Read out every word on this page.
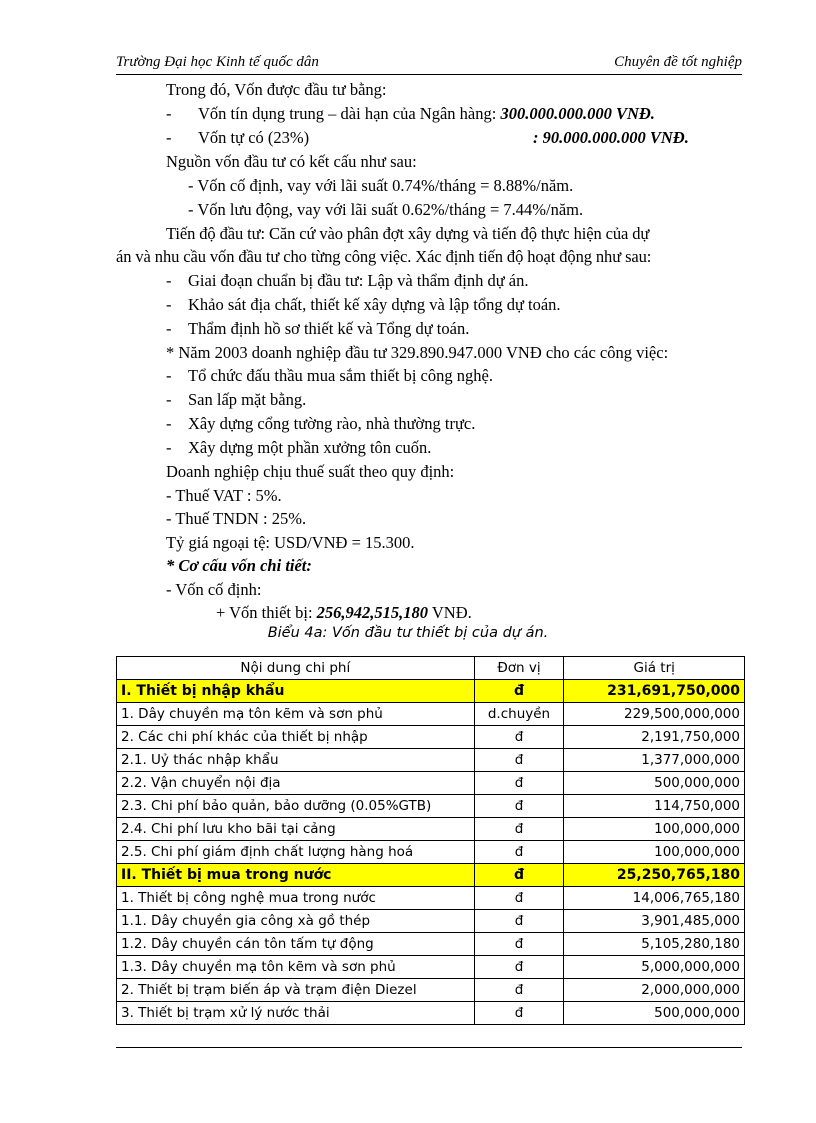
Trường Đại học Kinh tế quốc dân	Chuyên đề tốt nghiệp
Trong đó, Vốn được đầu tư bằng:
- Vốn tín dụng trung – dài hạn của Ngân hàng: 300.000.000.000 VNĐ.
- Vốn tự có (23%)	: 90.000.000.000 VNĐ.
Nguồn vốn đầu tư có kết cấu như sau:
- Vốn cố định, vay với lãi suất 0.74%/tháng = 8.88%/năm.
- Vốn lưu động, vay với lãi suất 0.62%/tháng = 7.44%/năm.
Tiến độ đầu tư: Căn cứ vào phân đợt xây dựng và tiến độ thực hiện của dự
án và nhu cầu vốn đầu tư cho từng công việc. Xác định tiến độ hoạt động như sau:
- Giai đoạn chuẩn bị đầu tư: Lập và thẩm định dự án.
- Khảo sát địa chất, thiết kế xây dựng và lập tổng dự toán.
- Thẩm định hồ sơ thiết kế và Tổng dự toán.
* Năm 2003 doanh nghiệp đầu tư 329.890.947.000 VNĐ cho các công việc:
- Tổ chức đấu thầu mua sắm thiết bị công nghệ.
- San lấp mặt bằng.
- Xây dựng cổng tường rào, nhà thường trực.
- Xây dựng một phần xưởng tôn cuốn.
Doanh nghiệp chịu thuế suất theo quy định:
- Thuế VAT : 5%.
- Thuế TNDN : 25%.
Tỷ giá ngoại tệ: USD/VNĐ = 15.300.
* Cơ cấu vốn chi tiết:
- Vốn cố định:
+ Vốn thiết bị: 256,942,515,180 VNĐ.
Biểu 4a: Vốn đầu tư thiết bị của dự án.
Nội dung chi phí	Đơn vị	Giá trị
I. Thiết bị nhập khẩu	đ	231,691,750,000
1. Dây chuyền mạ tôn kẽm và sơn phủ	d.chuyền	229,500,000,000
2. Các chi phí khác của thiết bị nhập	đ	2,191,750,000
2.1. Uỷ thác nhập khẩu	đ	1,377,000,000
2.2. Vận chuyển nội địa	đ	500,000,000
2.3. Chi phí bảo quản, bảo dưỡng (0.05%GTB)	đ	114,750,000
2.4. Chi phí lưu kho bãi tại cảng	đ	100,000,000
2.5. Chi phí giám định chất lượng hàng hoá	đ	100,000,000
II. Thiết bị mua trong nước	đ	25,250,765,180
1. Thiết bị công nghệ mua trong nước	đ	14,006,765,180
1.1. Dây chuyền gia công xà gồ thép	đ	3,901,485,000
1.2. Dây chuyền cán tôn tấm tự động	đ	5,105,280,180
1.3. Dây chuyền mạ tôn kẽm và sơn phủ	đ	5,000,000,000
2. Thiết bị trạm biến áp và trạm điện Diezel	đ	2,000,000,000
3. Thiết bị trạm xử lý nước thải	đ	500,000,000
